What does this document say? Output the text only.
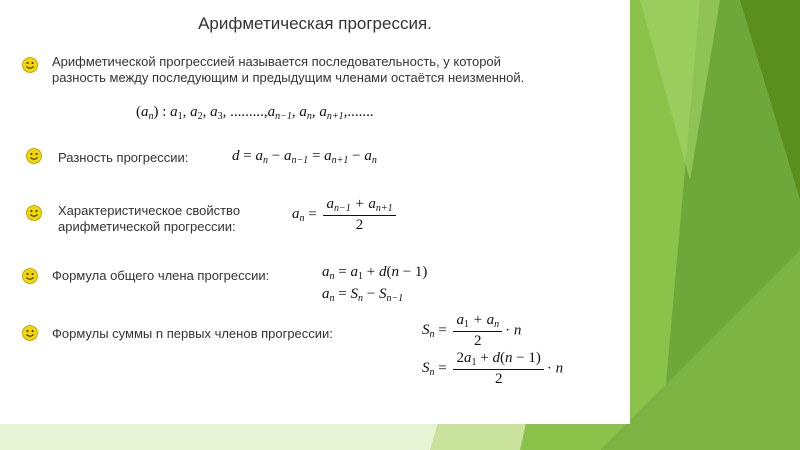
Арифметическая прогрессия.
Арифметической прогрессией называется последовательность, у которой
разность между последующим и предыдущим членами остаётся неизменной.
$(a_n)$ : $a_1$, $a_2$, $a_3$, $.........,a_{n-1}$, $a_n$, $a_{n+1}$,.......
Разность прогрессии:	$d = a_n - a_{n-1} = a_{n+1} - a_n$
Характеристическое свойство
арифметической прогрессии:
$a_n = \frac{a_{n-1} + a_{n+1}}{2}$
Формула общего члена прогрессии:	$a_n = a_1 + d(n - 1)$
$a_n = S_n - S_{n-1}$
Формулы суммы n первых членов прогрессии:	$S_n = \frac{a_1 + a_n}{2} \cdot n$
$S_n = \frac{2a_1 + d(n - 1)}{2} \cdot n$
